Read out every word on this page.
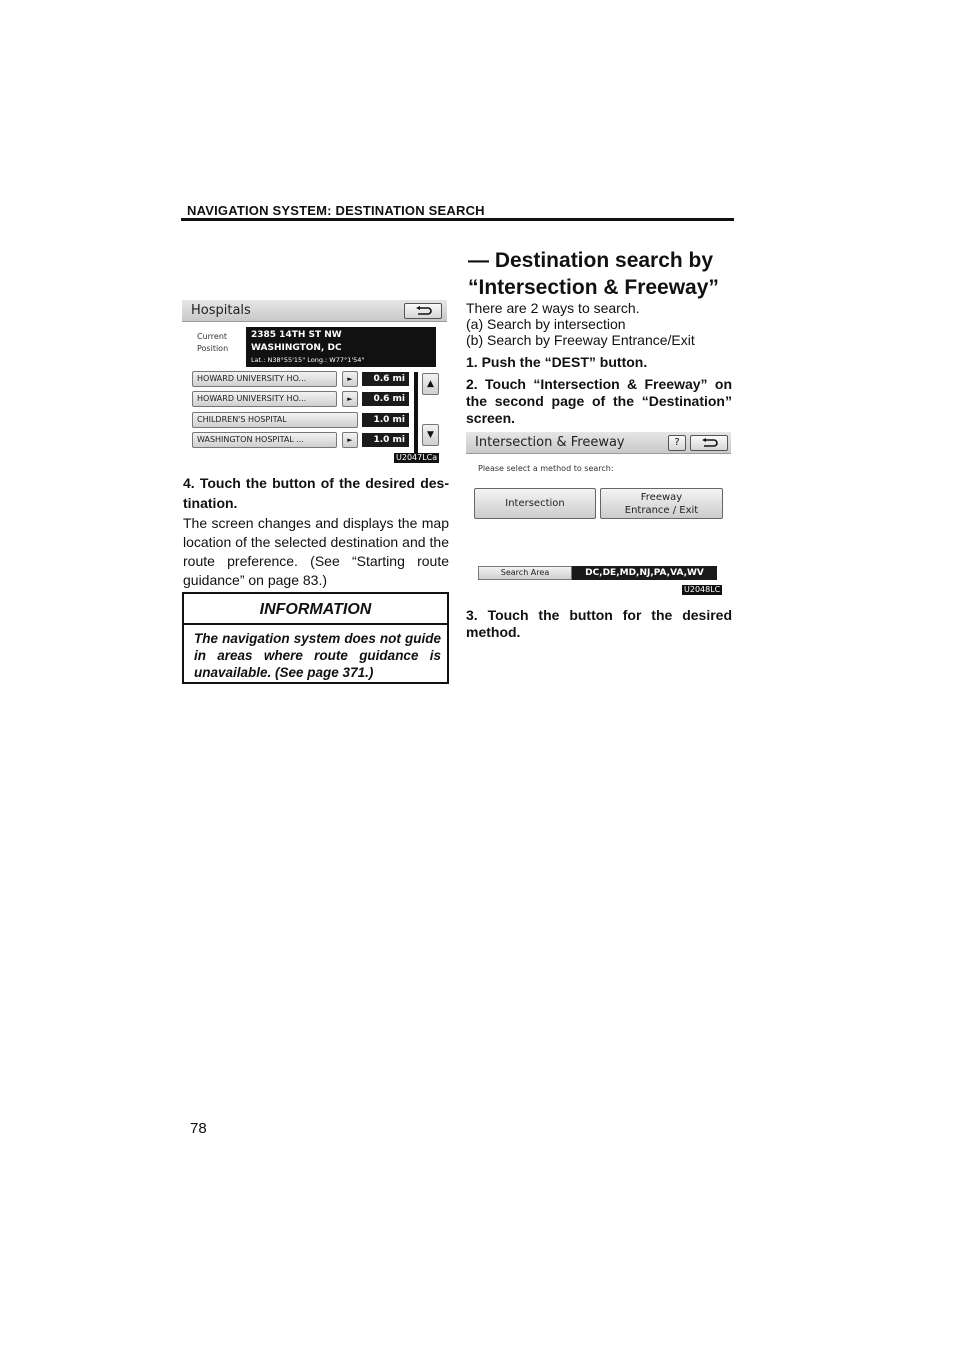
NAVIGATION SYSTEM: DESTINATION SEARCH
— Destination search by
“Intersection & Freeway”
Hospitals
Current
Position
2385 14TH ST NW
WASHINGTON, DC
Lat.: N38°55'15" Long.: W77°1'54"
HOWARD UNIVERSITY HO...	►	0.6 mi
HOWARD UNIVERSITY HO...	►	0.6 mi
CHILDREN'S HOSPITAL	1.0 mi
WASHINGTON HOSPITAL ...	►	1.0 mi
▲
▼
U2047LCa
4. Touch the button of the desired des-tination.
The screen changes and displays the map location of the selected destination and the route preference. (See “Starting route guidance” on page 83.)
INFORMATION
The navigation system does not guide in areas where route guidance is unavailable. (See page 371.)
There are 2 ways to search.
(a) Search by intersection
(b) Search by Freeway Entrance/Exit
1. Push the “DEST” button.
2. Touch “Intersection & Freeway” on the second page of the “Destination” screen.
Intersection & Freeway	?
Please select a method to search:
Intersection
Freeway
Entrance / Exit
Search Area	DC,DE,MD,NJ,PA,VA,WV
U2048LC
3. Touch the button for the desired method.
78
